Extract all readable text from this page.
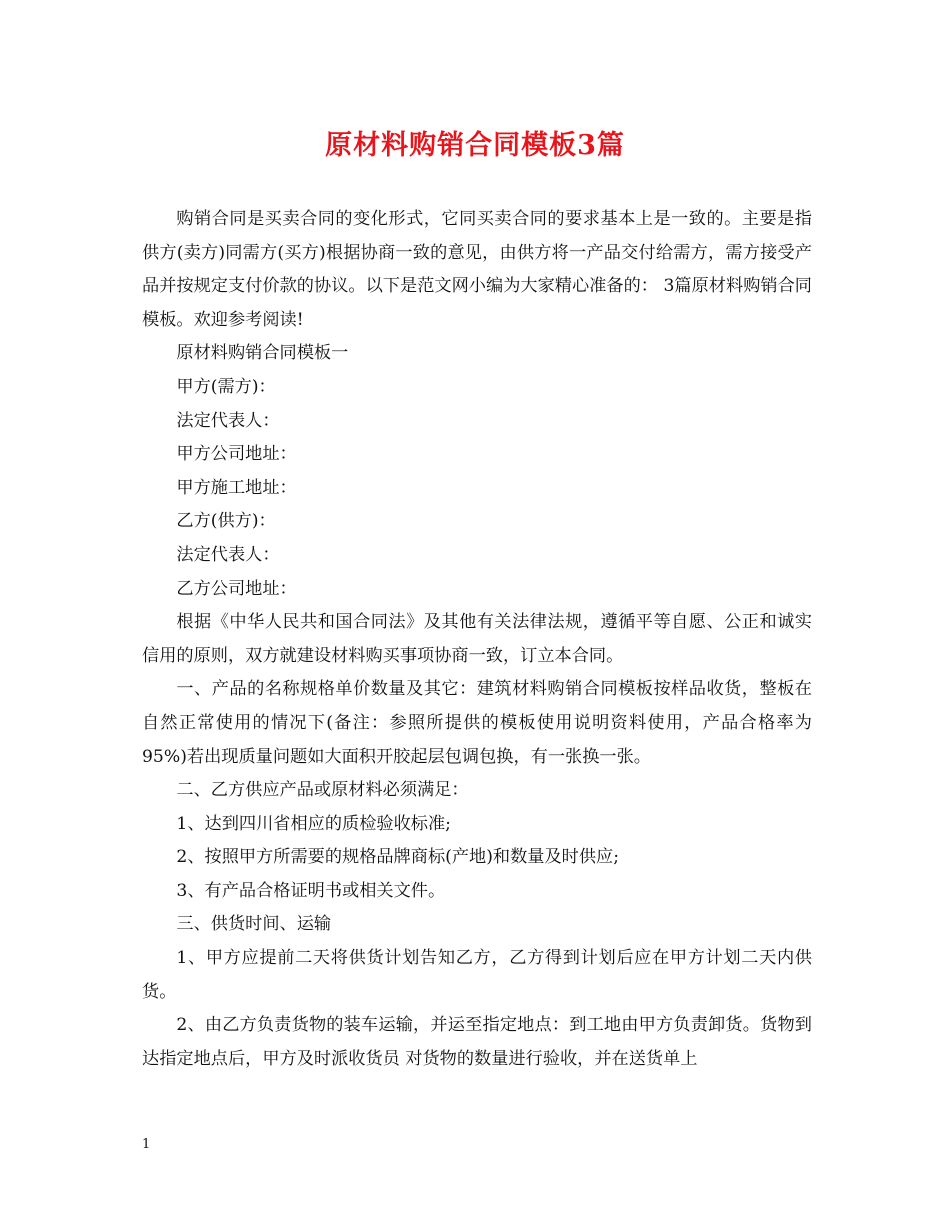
原材料购销合同模板3篇

购销合同是买卖合同的变化形式，它同买卖合同的要求基本上是一致的。主要是指供方(卖方)同需方(买方)根据协商一致的意见，由供方将一产品交付给需方，需方接受产品并按规定支付价款的协议。以下是范文网小编为大家精心准备的： 3篇原材料购销合同模板。欢迎参考阅读!

原材料购销合同模板一

甲方(需方)：

法定代表人：

甲方公司地址：

甲方施工地址：

乙方(供方)：

法定代表人：

乙方公司地址：

根据《中华人民共和国合同法》及其他有关法律法规，遵循平等自愿、公正和诚实信用的原则，双方就建设材料购买事项协商一致，订立本合同。

一、产品的名称规格单价数量及其它：建筑材料购销合同模板按样品收货，整板在自然正常使用的情况下(备注：参照所提供的模板使用说明资料使用，产品合格率为95%)若出现质量问题如大面积开胶起层包调包换，有一张换一张。

二、乙方供应产品或原材料必须满足：

1、达到四川省相应的质检验收标准;

2、按照甲方所需要的规格品牌商标(产地)和数量及时供应;

3、有产品合格证明书或相关文件。

三、供货时间、运输

1、甲方应提前二天将供货计划告知乙方，乙方得到计划后应在甲方计划二天内供货。

2、由乙方负责货物的装车运输，并运至指定地点：到工地由甲方负责卸货。货物到达指定地点后，甲方及时派收货员 对货物的数量进行验收，并在送货单上

1
